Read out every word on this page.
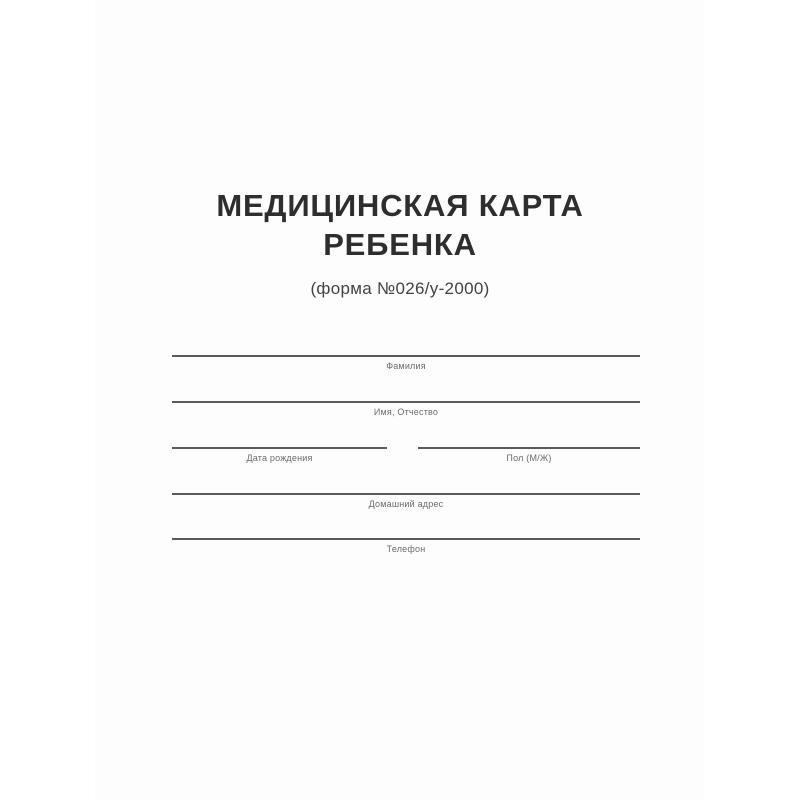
МЕДИЦИНСКАЯ КАРТА
РЕБЕНКА
(форма №026/у-2000)
Фамилия
Имя, Отчество
Дата рождения	Пол (М/Ж)
Домашний адрес
Телефон
